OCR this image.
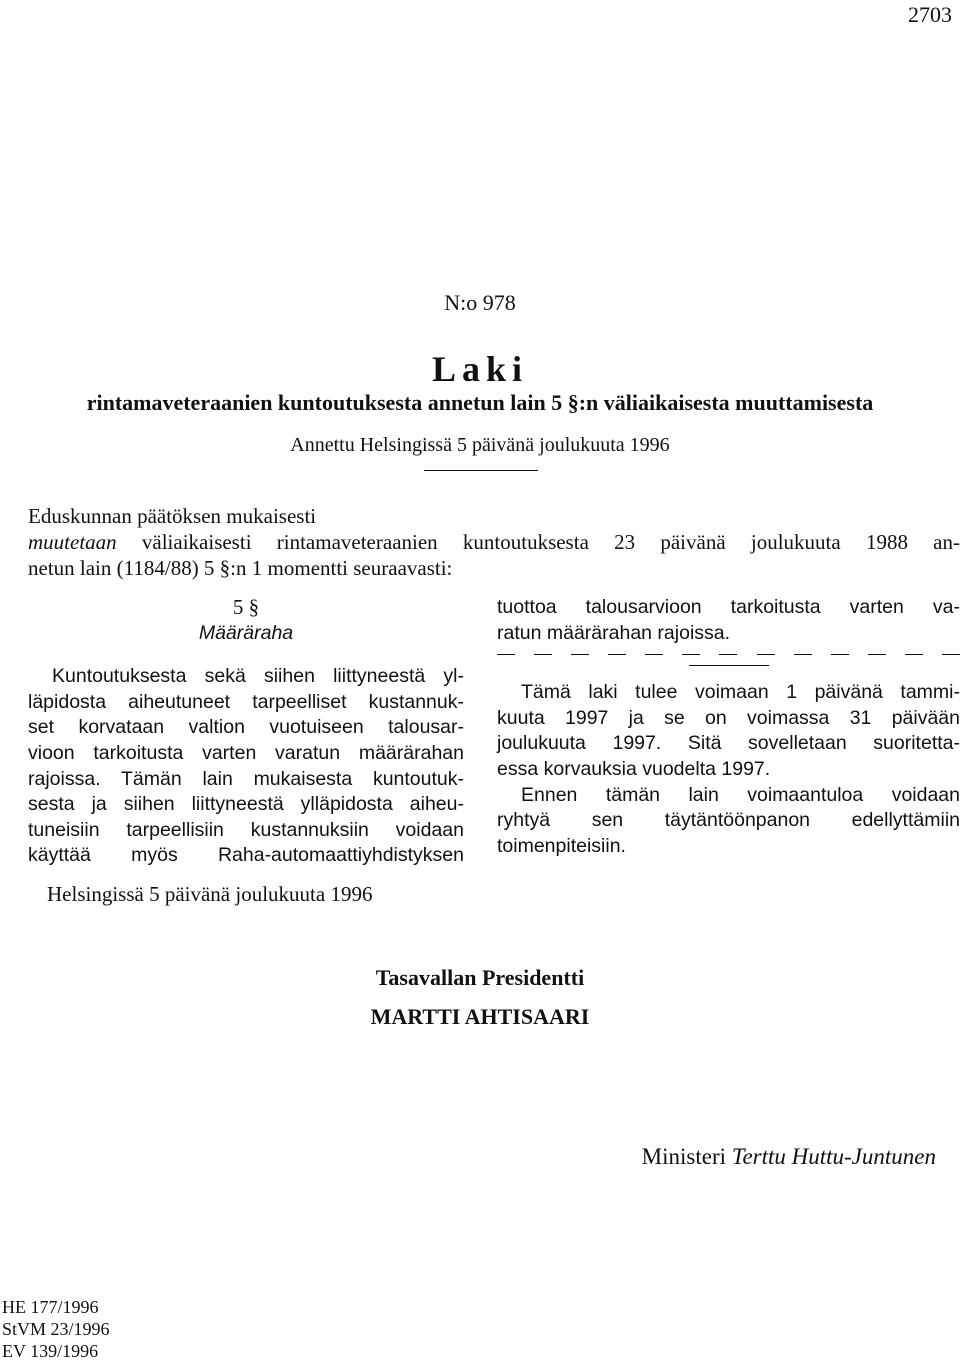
2703
N:o 978
Laki
rintamaveteraanien kuntoutuksesta annetun lain 5 §:n väliaikaisesta muuttamisesta
Annettu Helsingissä 5 päivänä joulukuuta 1996
Eduskunnan päätöksen mukaisesti
muutetaan väliaikaisesti rintamaveteraanien kuntoutuksesta 23 päivänä joulukuuta 1988 an-
netun lain (1184/88) 5 §:n 1 momentti seuraavasti:
5 §
Määräraha
Kuntoutuksesta sekä siihen liittyneestä yl-
läpidosta aiheutuneet tarpeelliset kustannuk-
set korvataan valtion vuotuiseen talousar-
vioon tarkoitusta varten varatun määrärahan
rajoissa. Tämän lain mukaisesta kuntoutuk-
sesta ja siihen liittyneestä ylläpidosta aiheu-
tuneisiin tarpeellisiin kustannuksiin voidaan
käyttää myös Raha-automaattiyhdistyksen
tuottoa talousarvioon tarkoitusta varten va-
ratun määrärahan rajoissa.
Tämä laki tulee voimaan 1 päivänä tammi-
kuuta 1997 ja se on voimassa 31 päivään
joulukuuta 1997. Sitä sovelletaan suoritetta-
essa korvauksia vuodelta 1997.
Ennen tämän lain voimaantuloa voidaan
ryhtyä sen täytäntöönpanon edellyttämiin
toimenpiteisiin.
Helsingissä 5 päivänä joulukuuta 1996
Tasavallan Presidentti
MARTTI AHTISAARI
Ministeri Terttu Huttu-Juntunen
HE 177/1996
StVM 23/1996
EV 139/1996
